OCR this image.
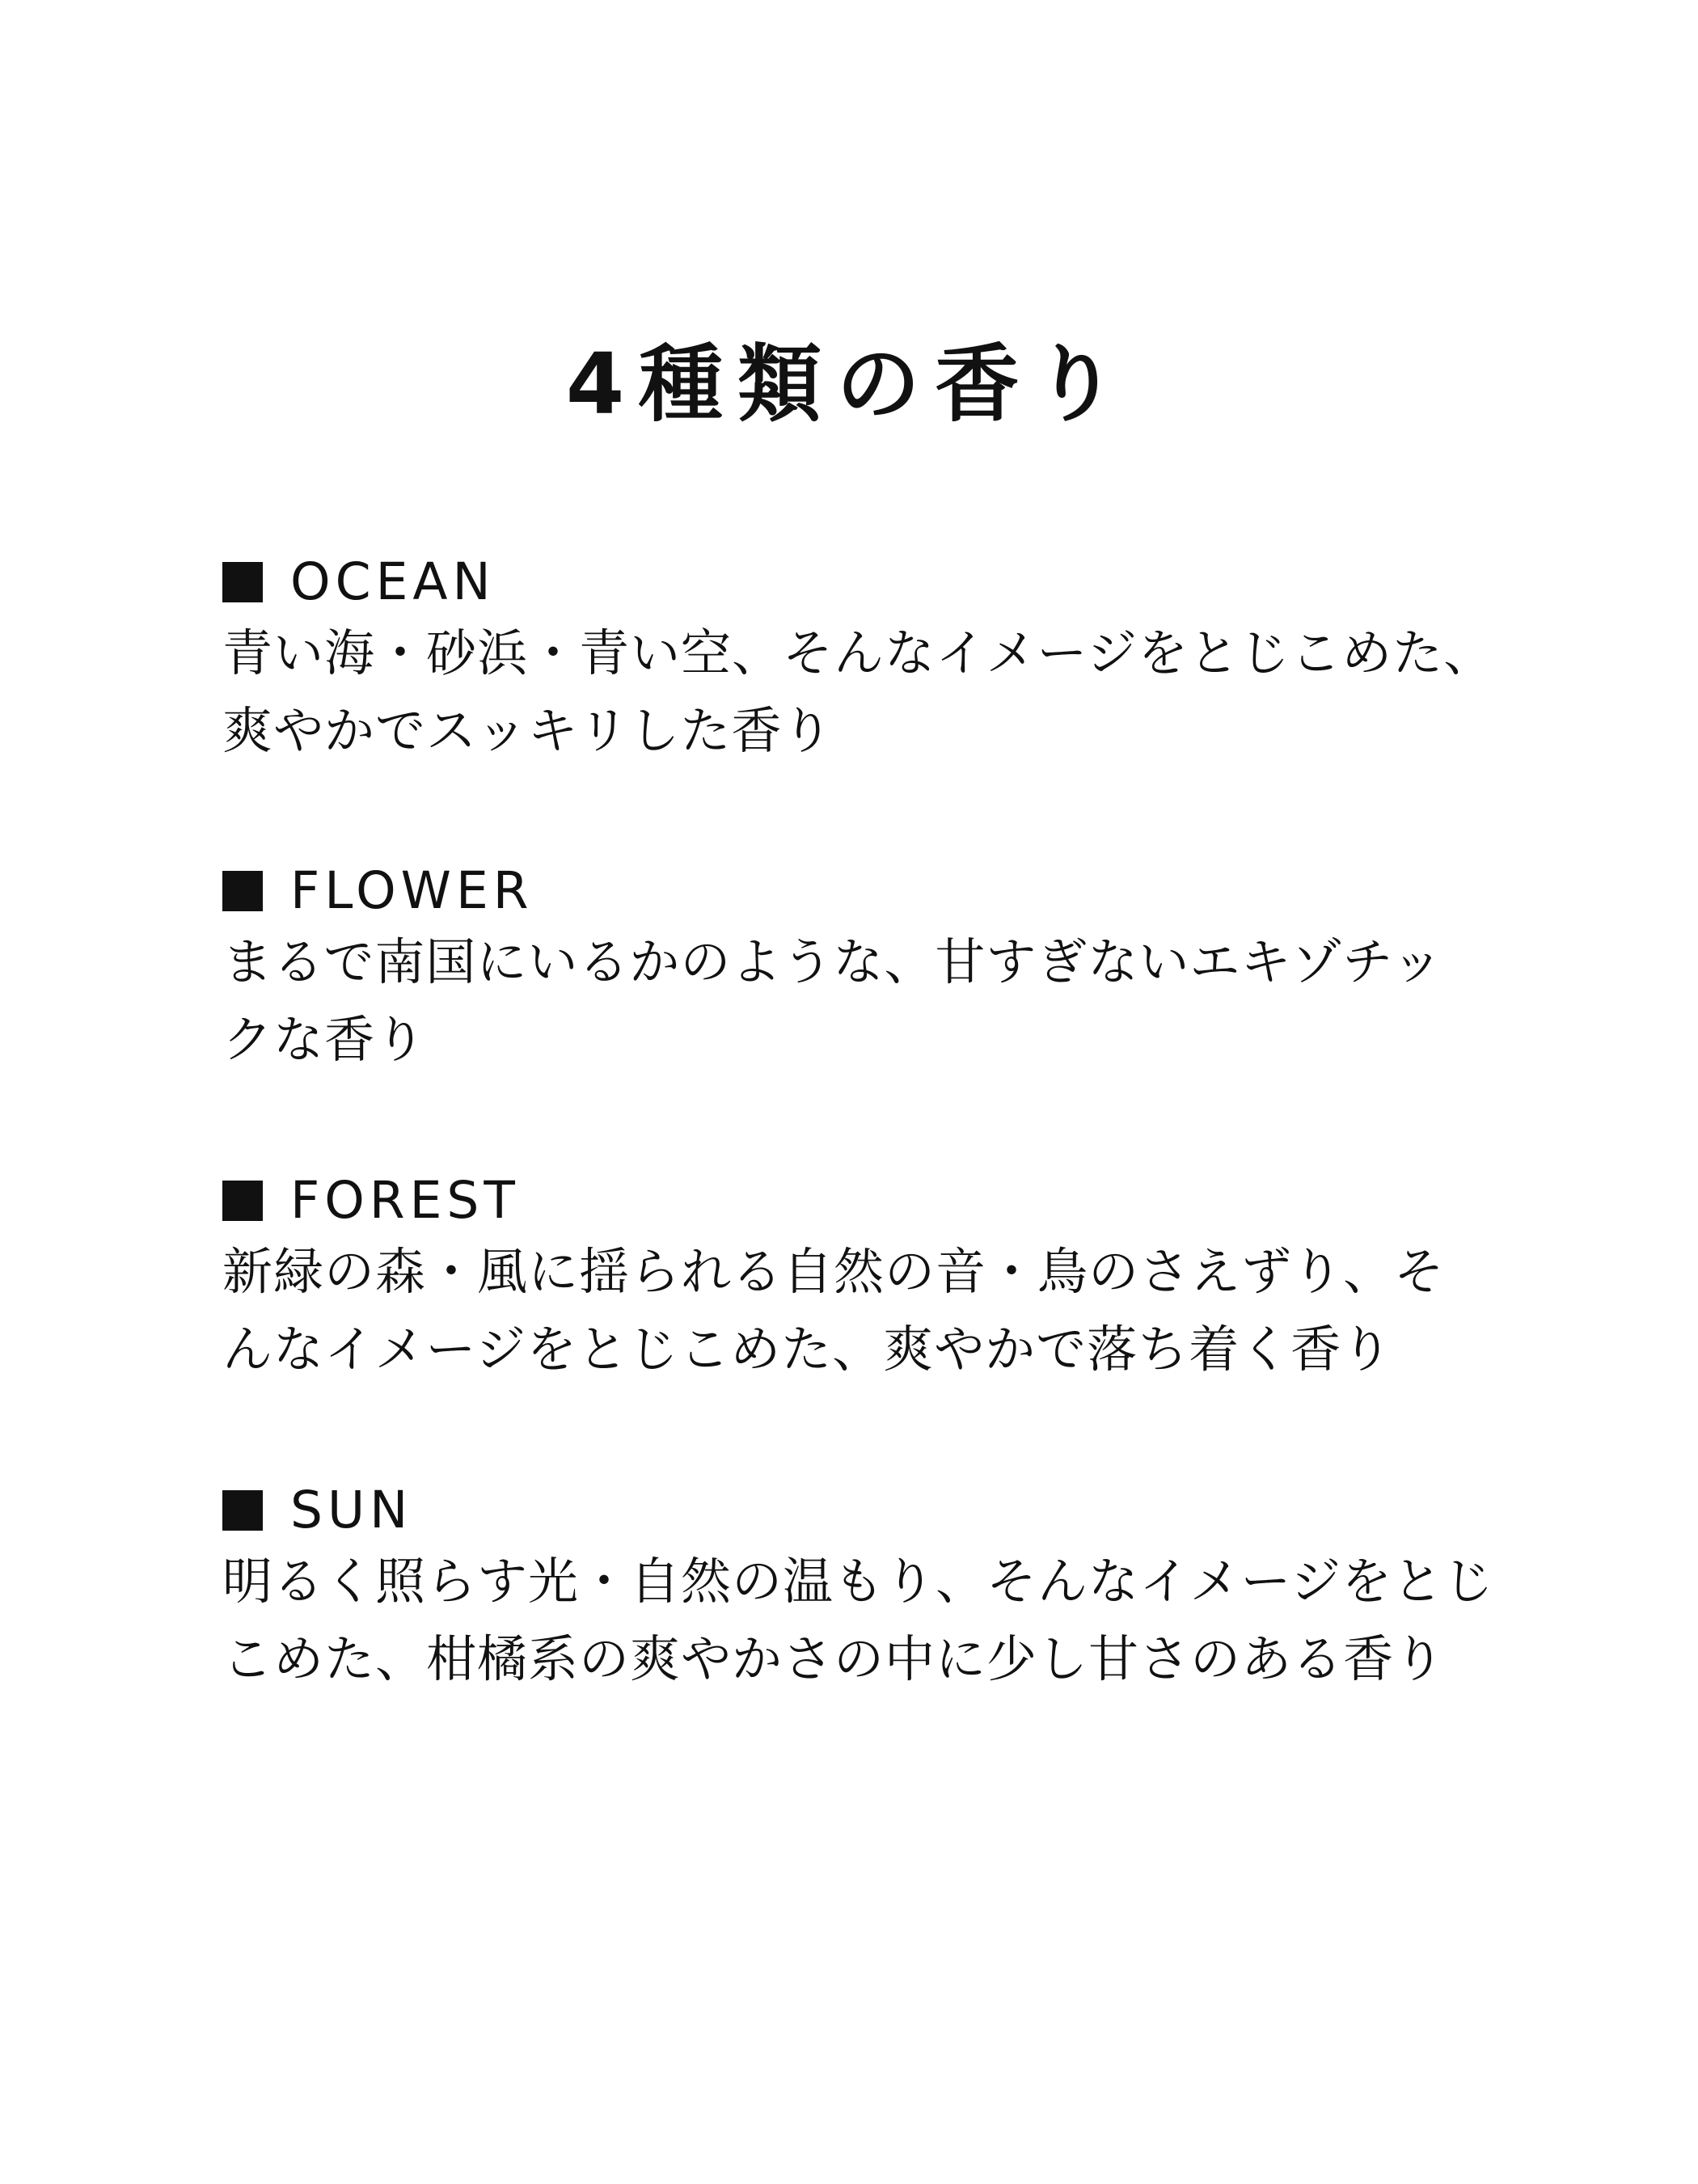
4種類の香り
OCEAN
青い海・砂浜・青い空、そんなイメージをとじこめた、
爽やかでスッキリした香り
FLOWER
まるで南国にいるかのような、甘すぎないエキゾチッ
クな香り
FOREST
新緑の森・風に揺られる自然の音・鳥のさえずり、そ
んなイメージをとじこめた、爽やかで落ち着く香り
SUN
明るく照らす光・自然の温もり、そんなイメージをとじ
こめた、柑橘系の爽やかさの中に少し甘さのある香り
